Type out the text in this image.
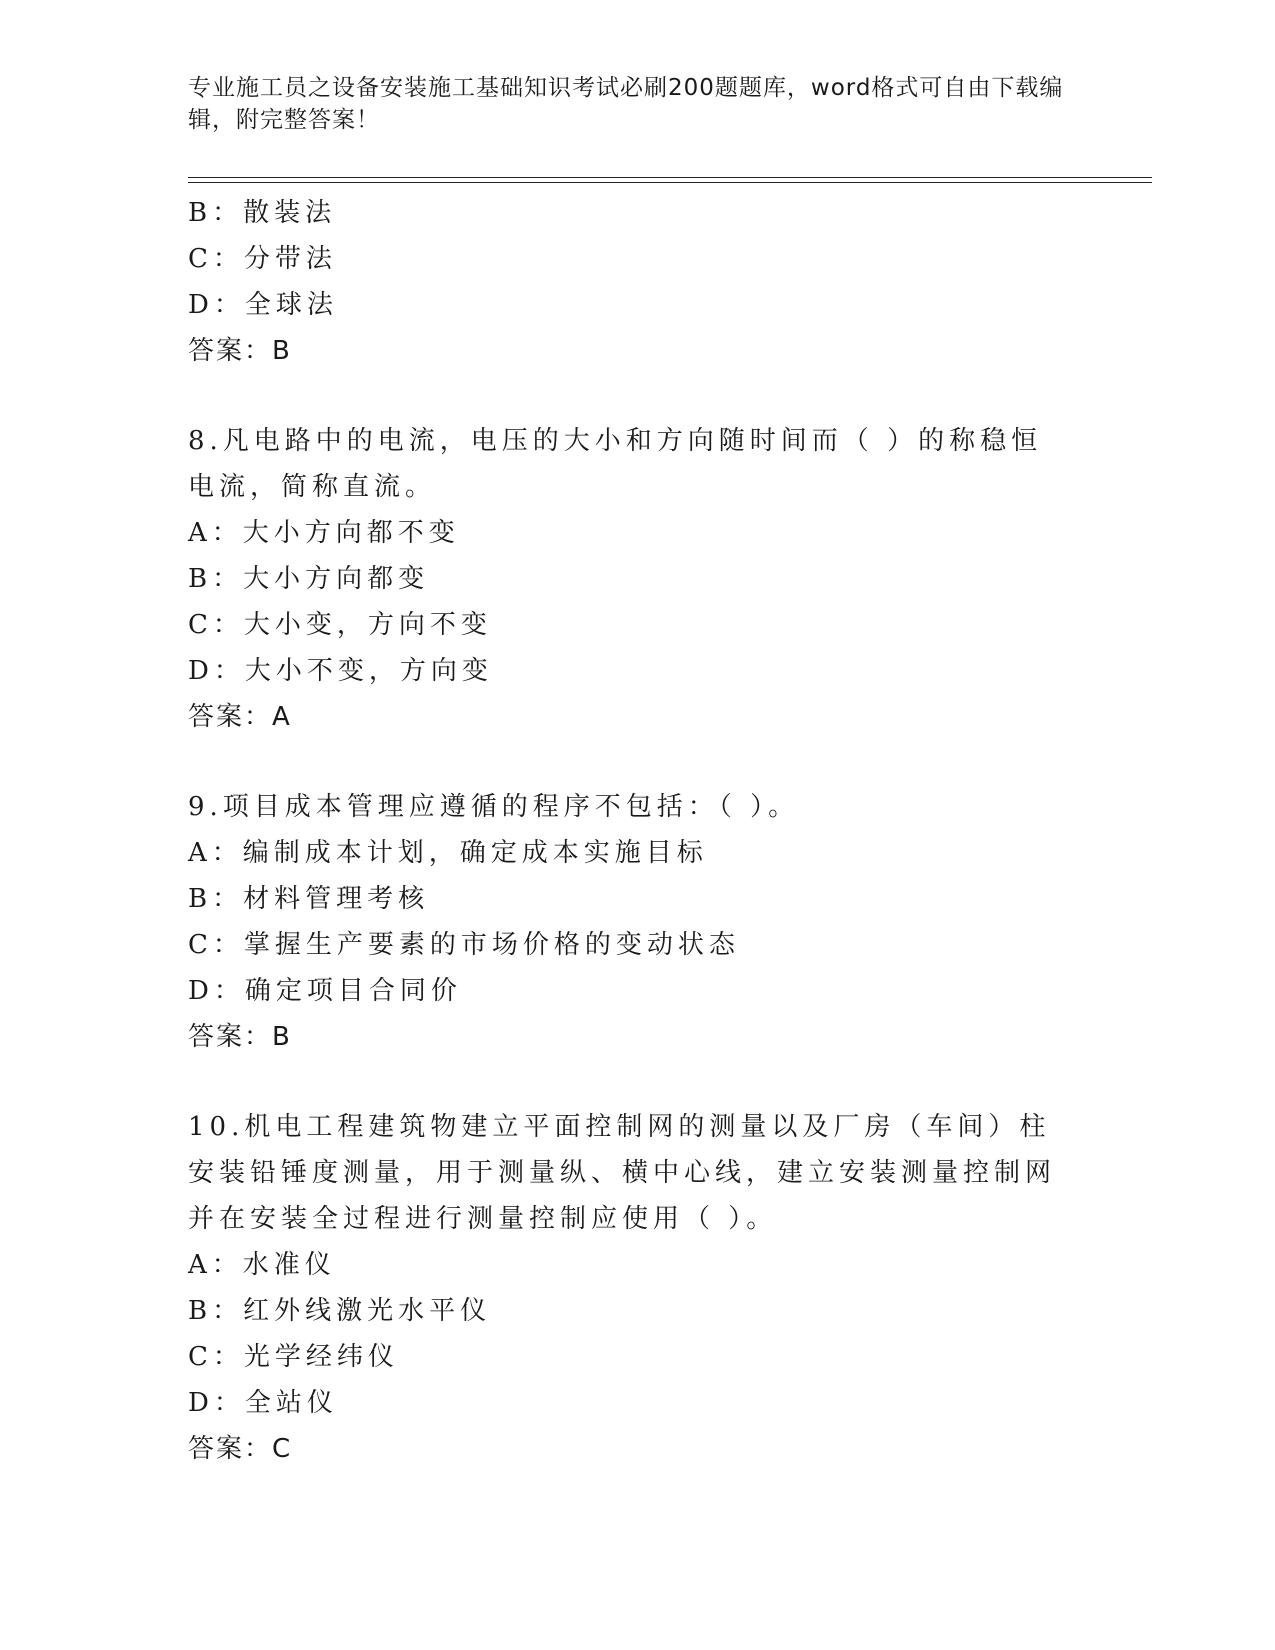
专业施工员之设备安装施工基础知识考试必刷200题题库，word格式可自由下载编辑，附完整答案！
B：散装法
C：分带法
D：全球法
答案：B
8.凡电路中的电流，电压的大小和方向随时间而（ ）的称稳恒电流，简称直流。
A：大小方向都不变
B：大小方向都变
C：大小变，方向不变
D：大小不变，方向变
答案：A
9.项目成本管理应遵循的程序不包括：（ ）。
A：编制成本计划，确定成本实施目标
B：材料管理考核
C：掌握生产要素的市场价格的变动状态
D：确定项目合同价
答案：B
10.机电工程建筑物建立平面控制网的测量以及厂房（车间）柱安装铅锤度测量，用于测量纵、横中心线，建立安装测量控制网并在安装全过程进行测量控制应使用（ ）。
A：水准仪
B：红外线激光水平仪
C：光学经纬仪
D：全站仪
答案：C
